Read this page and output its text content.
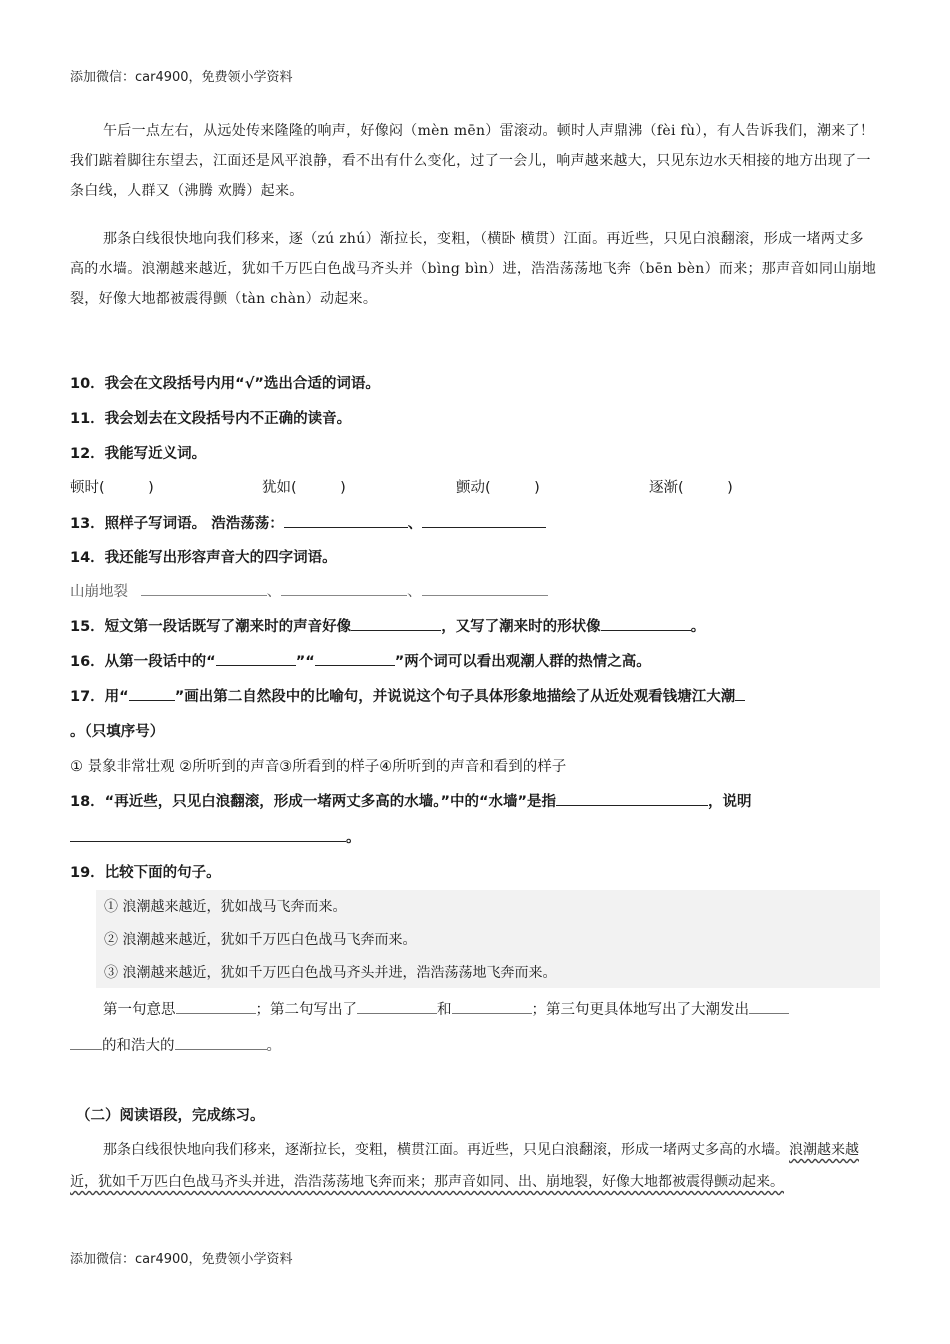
添加微信：car4900，免费领小学资料

午后一点左右，从远处传来隆隆的响声，好像闷（mèn mēn）雷滚动。顿时人声鼎沸（fèi fù），有人告诉我们，潮来了！我们踮着脚往东望去，江面还是风平浪静，看不出有什么变化，过了一会儿，响声越来越大，只见东边水天相接的地方出现了一条白线，人群又（沸腾 欢腾）起来。

那条白线很快地向我们移来，逐（zú zhú）渐拉长，变粗，（横卧 横贯）江面。再近些，只见白浪翻滚，形成一堵两丈多高的水墙。浪潮越来越近，犹如千万匹白色战马齐头并（bìng bìn）进，浩浩荡荡地飞奔（bēn bèn）而来；那声音如同山崩地裂，好像大地都被震得颤（tàn chàn）动起来。

10．我会在文段括号内用“√”选出合适的词语。

11．我会划去在文段括号内不正确的读音。

12．我能写近义词。

顿时(　　　)	犹如(　　　)	颤动(　　　)	逐渐(　　　)

13．照样子写词语。 浩浩荡荡：	、

14．我还能写出形容声音大的四字词语。

山崩地裂	、	、

15．短文第一段话既写了潮来时的声音好像	，又写了潮来时的形状像	。

16．从第一段话中的“	”“	”两个词可以看出观潮人群的热情之高。

17．用“	”画出第二自然段中的比喻句，并说说这个句子具体形象地描绘了从近处观看钱塘江大潮

。（只填序号）

① 景象非常壮观 ②所听到的声音③所看到的样子④所听到的声音和看到的样子

18．“再近些，只见白浪翻滚，形成一堵两丈多高的水墙。”中的“水墙”是指	，说明

。

19．比较下面的句子。

① 浪潮越来越近，犹如战马飞奔而来。
② 浪潮越来越近，犹如千万匹白色战马飞奔而来。
③ 浪潮越来越近，犹如千万匹白色战马齐头并进，浩浩荡荡地飞奔而来。

第一句意思	；第二句写出了	和	；第三句更具体地写出了大潮发出

的和浩大的	。

（二）阅读语段，完成练习。

那条白线很快地向我们移来，逐渐拉长，变粗，横贯江面。再近些，只见白浪翻滚，形成一堵两丈多高的水墙。浪潮越来越近，犹如千万匹白色战马齐头并进，浩浩荡荡地飞奔而来；那声音如同、出、崩地裂，好像大地都被震得颤动起来。

添加微信：car4900，免费领小学资料
